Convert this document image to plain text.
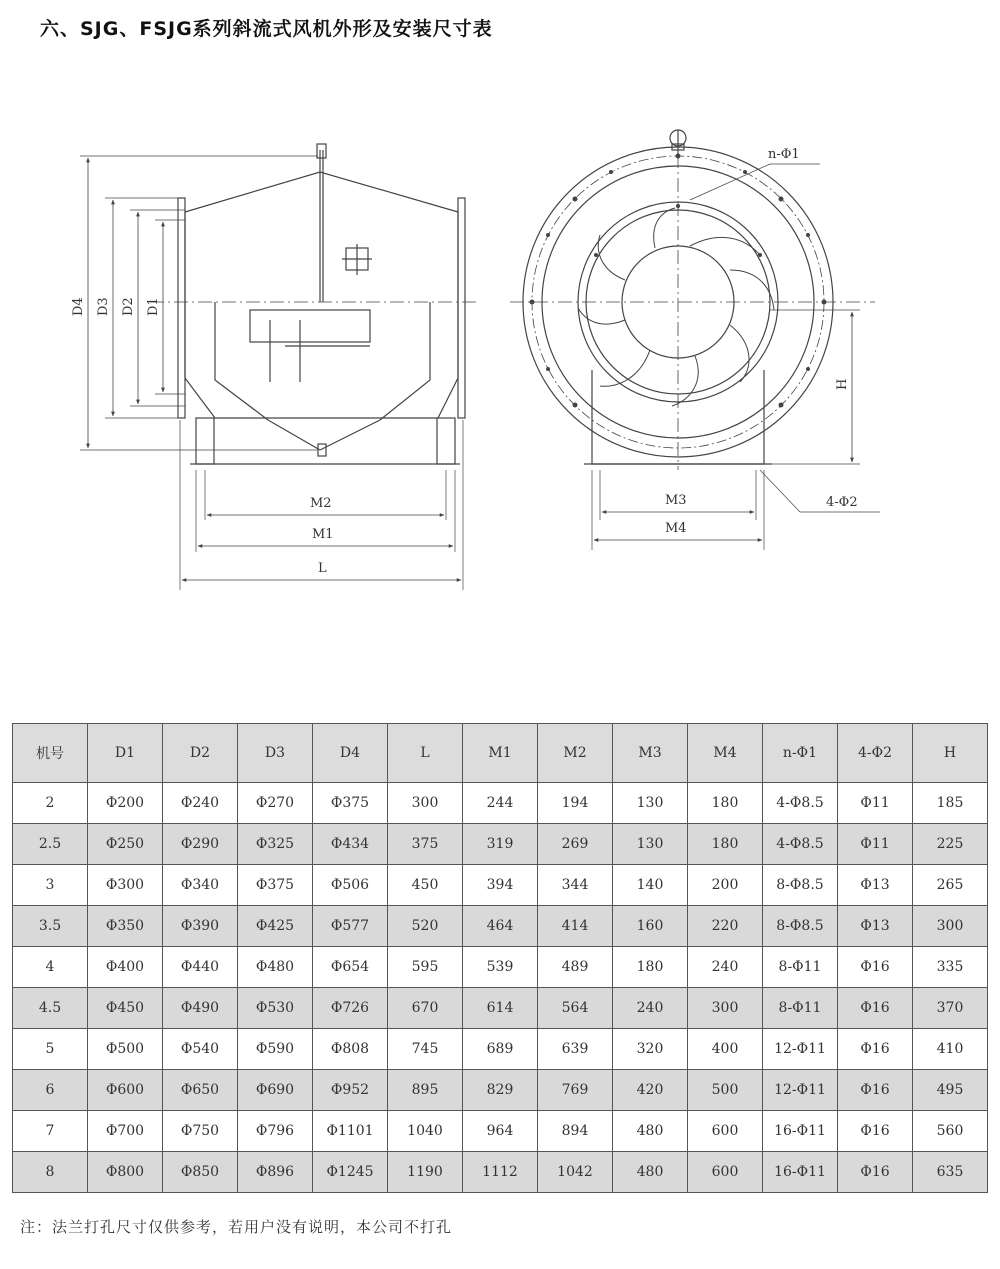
六、SJG、FSJG系列斜流式风机外形及安装尺寸表
D4 D3 D2 D1
M2
M1
L
n-Φ1
H
M3
M4
4-Φ2
机号	D1	D2	D3	D4	L	M1	M2	M3	M4	n-Φ1	4-Φ2	H
2	Φ200	Φ240	Φ270	Φ375	300	244	194	130	180	4-Φ8.5	Φ11	185
2.5	Φ250	Φ290	Φ325	Φ434	375	319	269	130	180	4-Φ8.5	Φ11	225
3	Φ300	Φ340	Φ375	Φ506	450	394	344	140	200	8-Φ8.5	Φ13	265
3.5	Φ350	Φ390	Φ425	Φ577	520	464	414	160	220	8-Φ8.5	Φ13	300
4	Φ400	Φ440	Φ480	Φ654	595	539	489	180	240	8-Φ11	Φ16	335
4.5	Φ450	Φ490	Φ530	Φ726	670	614	564	240	300	8-Φ11	Φ16	370
5	Φ500	Φ540	Φ590	Φ808	745	689	639	320	400	12-Φ11	Φ16	410
6	Φ600	Φ650	Φ690	Φ952	895	829	769	420	500	12-Φ11	Φ16	495
7	Φ700	Φ750	Φ796	Φ1101	1040	964	894	480	600	16-Φ11	Φ16	560
8	Φ800	Φ850	Φ896	Φ1245	1190	1112	1042	480	600	16-Φ11	Φ16	635
注：法兰打孔尺寸仅供参考，若用户没有说明，本公司不打孔
